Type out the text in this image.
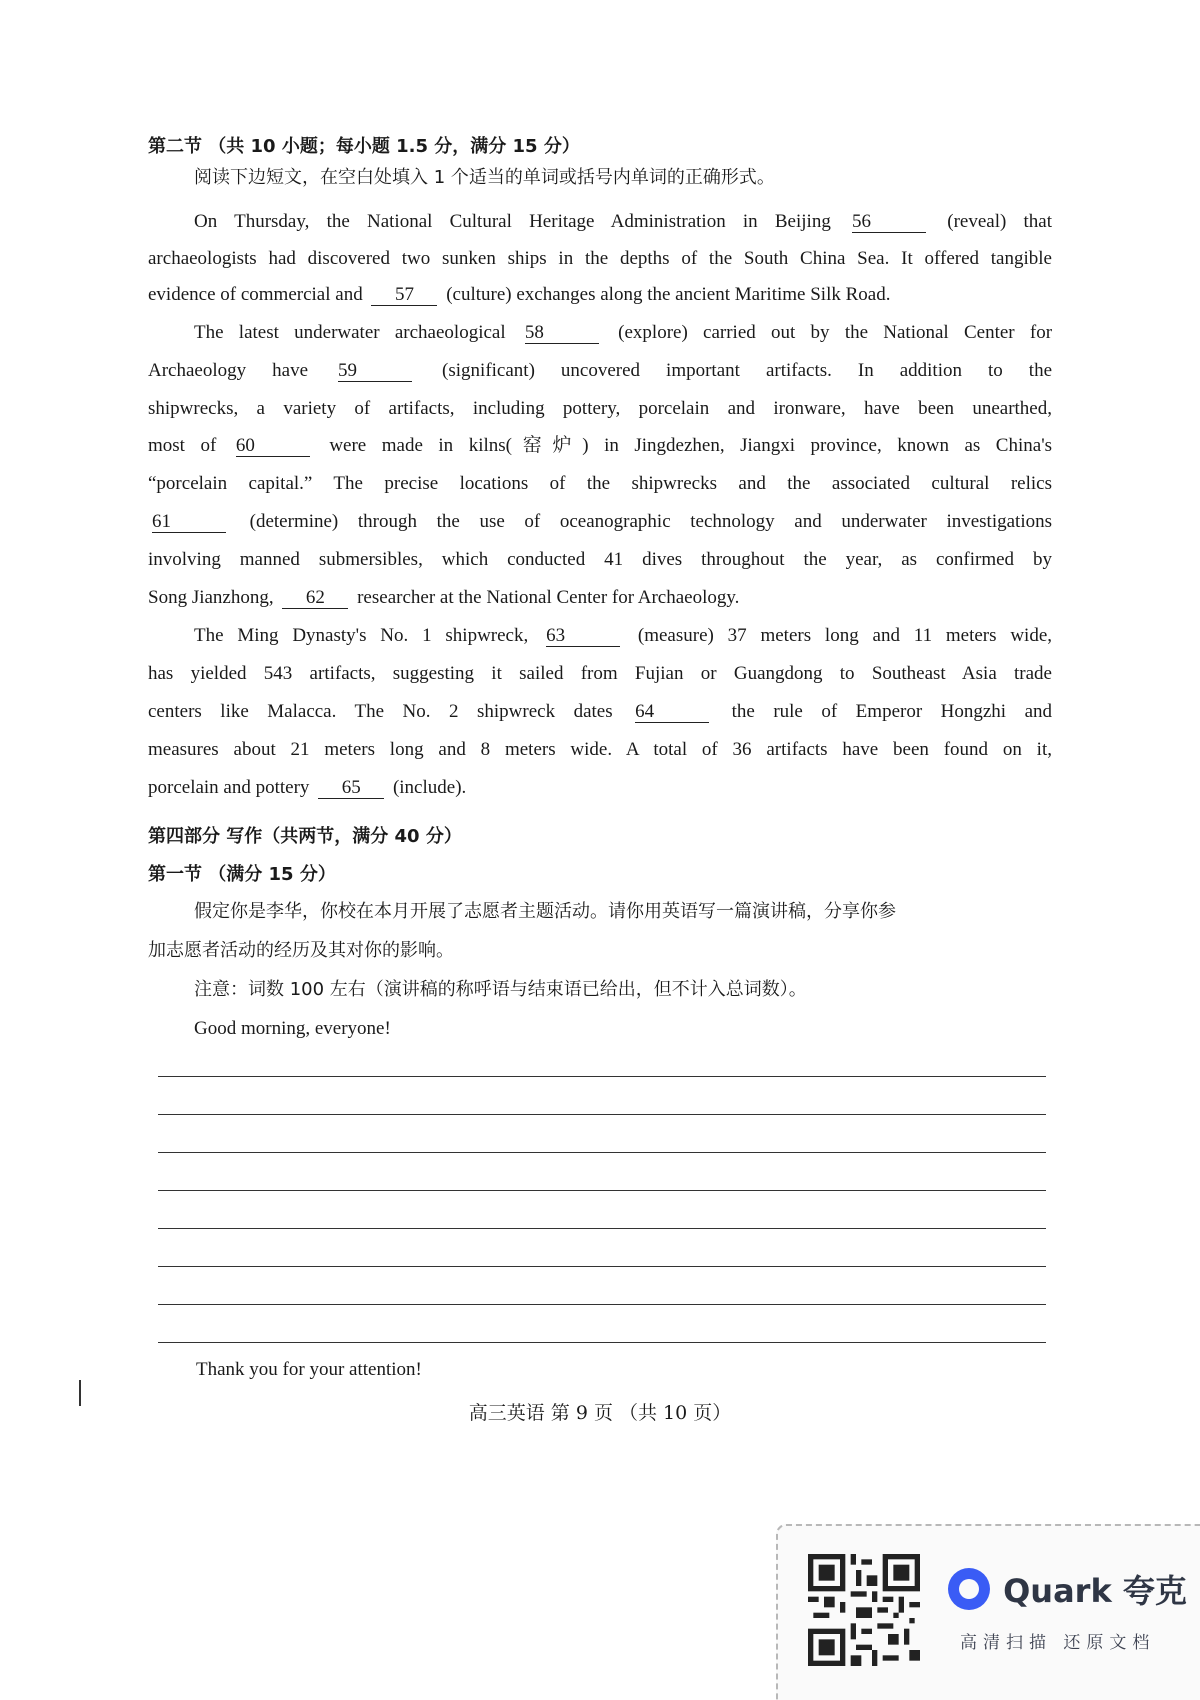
第二节 （共 10 小题；每小题 1.5 分，满分 15 分）
阅读下边短文，在空白处填入 1 个适当的单词或括号内单词的正确形式。
On Thursday, the National Cultural Heritage Administration in Beijing 56	(reveal) that
archaeologists had discovered two sunken ships in the depths of the South China Sea. It offered tangible
evidence of commercial and 57 (culture) exchanges along the ancient Maritime Silk Road.
The latest underwater archaeological 58	(explore) carried out by the National Center for
Archaeology have 59	(significant) uncovered important artifacts. In addition to the
shipwrecks, a variety of artifacts, including pottery, porcelain and ironware, have been unearthed,
most of 60	were made in kilns(窑炉) in Jingdezhen, Jiangxi province, known as China's
“porcelain capital.” The precise locations of the shipwrecks and the associated cultural relics
61	(determine) through the use of oceanographic technology and underwater investigations
involving manned submersibles, which conducted 41 dives throughout the year, as confirmed by
Song Jianzhong, 62 researcher at the National Center for Archaeology.
The Ming Dynasty's No. 1 shipwreck, 63	(measure) 37 meters long and 11 meters wide,
has yielded 543 artifacts, suggesting it sailed from Fujian or Guangdong to Southeast Asia trade
centers like Malacca. The No. 2 shipwreck dates 64	the rule of Emperor Hongzhi and
measures about 21 meters long and 8 meters wide. A total of 36 artifacts have been found on it,
porcelain and pottery 65 (include).
第四部分 写作（共两节，满分 40 分）
第一节 （满分 15 分）
假定你是李华，你校在本月开展了志愿者主题活动。请你用英语写一篇演讲稿，分享你参
加志愿者活动的经历及其对你的影响。
注意：词数 100 左右（演讲稿的称呼语与结束语已给出，但不计入总词数）。
Good morning, everyone!
Thank you for your attention!
高三英语 第 9 页 （共 10 页）
Quark 夸克
高清扫描 还原文档
